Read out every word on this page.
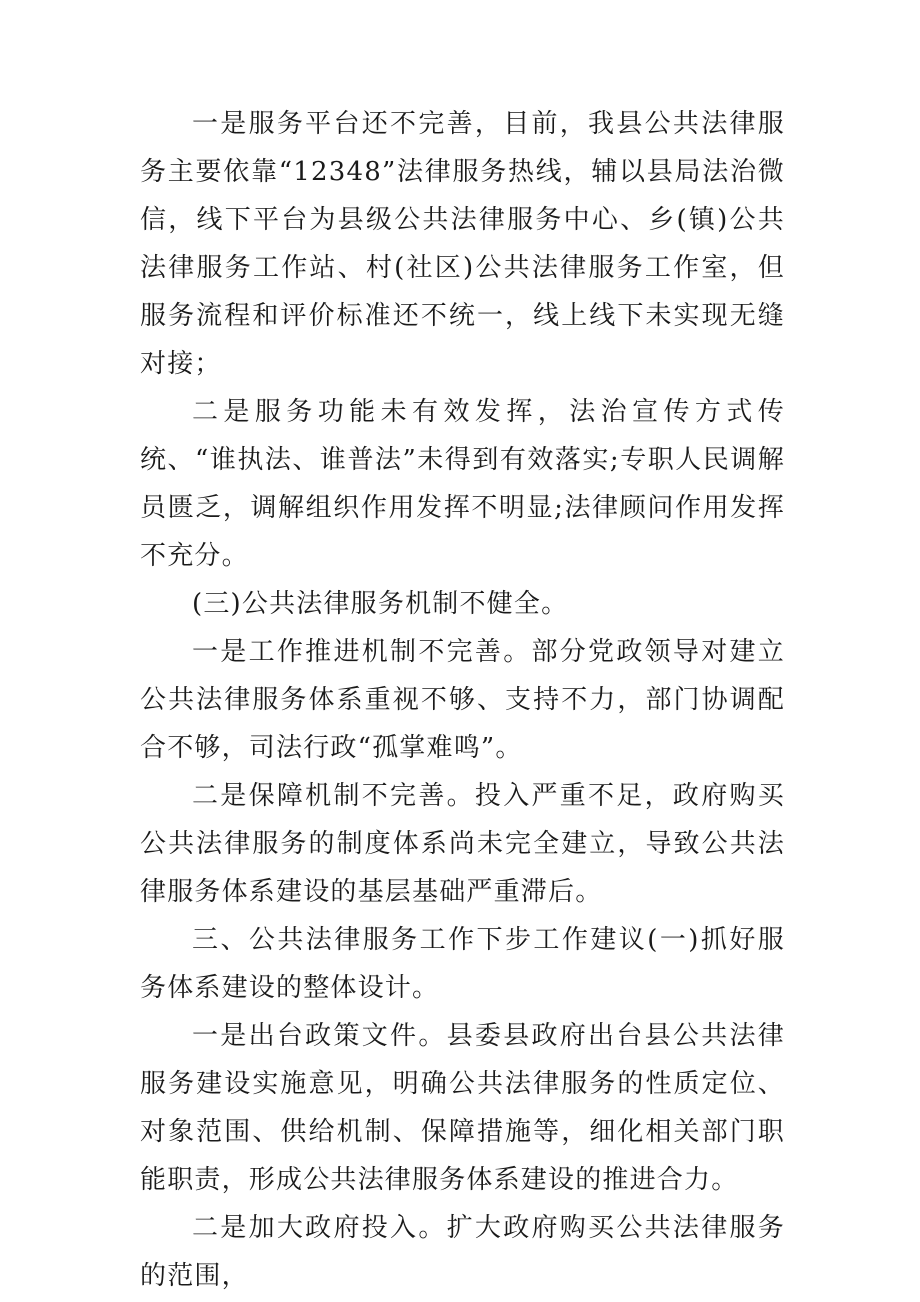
一是服务平台还不完善，目前，我县公共法律服务主要依靠“12348”法律服务热线，辅以县局法治微信，线下平台为县级公共法律服务中心、乡(镇)公共法律服务工作站、村(社区)公共法律服务工作室，但服务流程和评价标准还不统一，线上线下未实现无缝对接；

二是服务功能未有效发挥，法治宣传方式传统、“谁执法、谁普法”未得到有效落实;专职人民调解员匮乏，调解组织作用发挥不明显;法律顾问作用发挥不充分。

(三)公共法律服务机制不健全。

一是工作推进机制不完善。部分党政领导对建立公共法律服务体系重视不够、支持不力，部门协调配合不够，司法行政“孤掌难鸣”。

二是保障机制不完善。投入严重不足，政府购买公共法律服务的制度体系尚未完全建立，导致公共法律服务体系建设的基层基础严重滞后。

三、公共法律服务工作下步工作建议(一)抓好服务体系建设的整体设计。

一是出台政策文件。县委县政府出台县公共法律服务建设实施意见，明确公共法律服务的性质定位、对象范围、供给机制、保障措施等，细化相关部门职能职责，形成公共法律服务体系建设的推进合力。

二是加大政府投入。扩大政府购买公共法律服务的范围，
